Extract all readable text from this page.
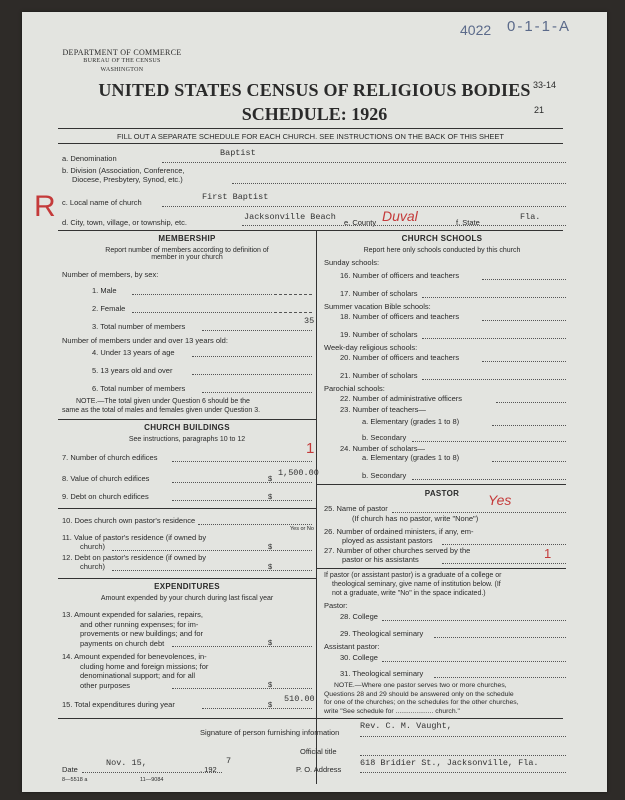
DEPARTMENT OF COMMERCE
BUREAU OF THE CENSUS
WASHINGTON
4022 0-1-1-A
33-14
21
UNITED STATES CENSUS OF RELIGIOUS BODIES
SCHEDULE: 1926
FILL OUT A SEPARATE SCHEDULE FOR EACH CHURCH. SEE INSTRUCTIONS ON THE BACK OF THIS SHEET
a. Denomination
Baptist
b. Division (Association, Conference,
Diocese, Presbytery, Synod, etc.)
R c. Local name of church
First Baptist
d. City, town, village, or township, etc.
Jacksonville Beach
e. County Duval	f. State
Fla.
MEMBERSHIP
Report number of members according to definition of
member in your church
Number of members, by sex:
1. Male
2. Female
3. Total number of members
35
Number of members under and over 13 years old:
4. Under 13 years of age
5. 13 years old and over
6. Total number of members
NOTE.—The total given under Question 6 should be the
same as the total of males and females given under Question 3.
CHURCH BUILDINGS
See instructions, paragraphs 10 to 12
7. Number of church edifices
1
8. Value of church edifices	$
1,500.00
9. Debt on church edifices	$
10. Does church own pastor's residence
Yes or No
11. Value of pastor's residence (if owned by
church)	$
12. Debt on pastor's residence (if owned by
church)	$
EXPENDITURES
Amount expended by your church during last fiscal year
13. Amount expended for salaries, repairs,
and other running expenses; for im-
provements or new buildings; and for
payments on church debt	$
14. Amount expended for benevolences, in-
cluding home and foreign missions; for
denominational support; and for all
other purposes	$
15. Total expenditures during year	$
510.00
CHURCH SCHOOLS
Report here only schools conducted by this church
Sunday schools:
16. Number of officers and teachers
17. Number of scholars
Summer vacation Bible schools:
18. Number of officers and teachers
19. Number of scholars
Week-day religious schools:
20. Number of officers and teachers
21. Number of scholars
Parochial schools:
22. Number of administrative officers
23. Number of teachers—
a. Elementary (grades 1 to 8)
b. Secondary
24. Number of scholars—
a. Elementary (grades 1 to 8)
b. Secondary
PASTOR
25. Name of pastor
Yes
(If church has no pastor, write "None")
26. Number of ordained ministers, if any, em-
ployed as assistant pastors
27. Number of other churches served by the
pastor or his assistants	1
If pastor (or assistant pastor) is a graduate of a college or
theological seminary, give name of institution below. (If
not a graduate, write "No" in the space indicated.)
Pastor:
28. College
29. Theological seminary
Assistant pastor:
30. College
31. Theological seminary
NOTE.—Where one pastor serves two or more churches,
Questions 28 and 29 should be answered only on the schedule
for one of the churches; on the schedules for the other churches,
write "See schedule for .................... church."
Signature of person furnishing information
Rev. C. M. Vaught,
Official title
Date
Nov. 15,
, 192
7
P. O. Address
618 Bridier St., Jacksonville, Fla.
8—5518 a	11—9084
